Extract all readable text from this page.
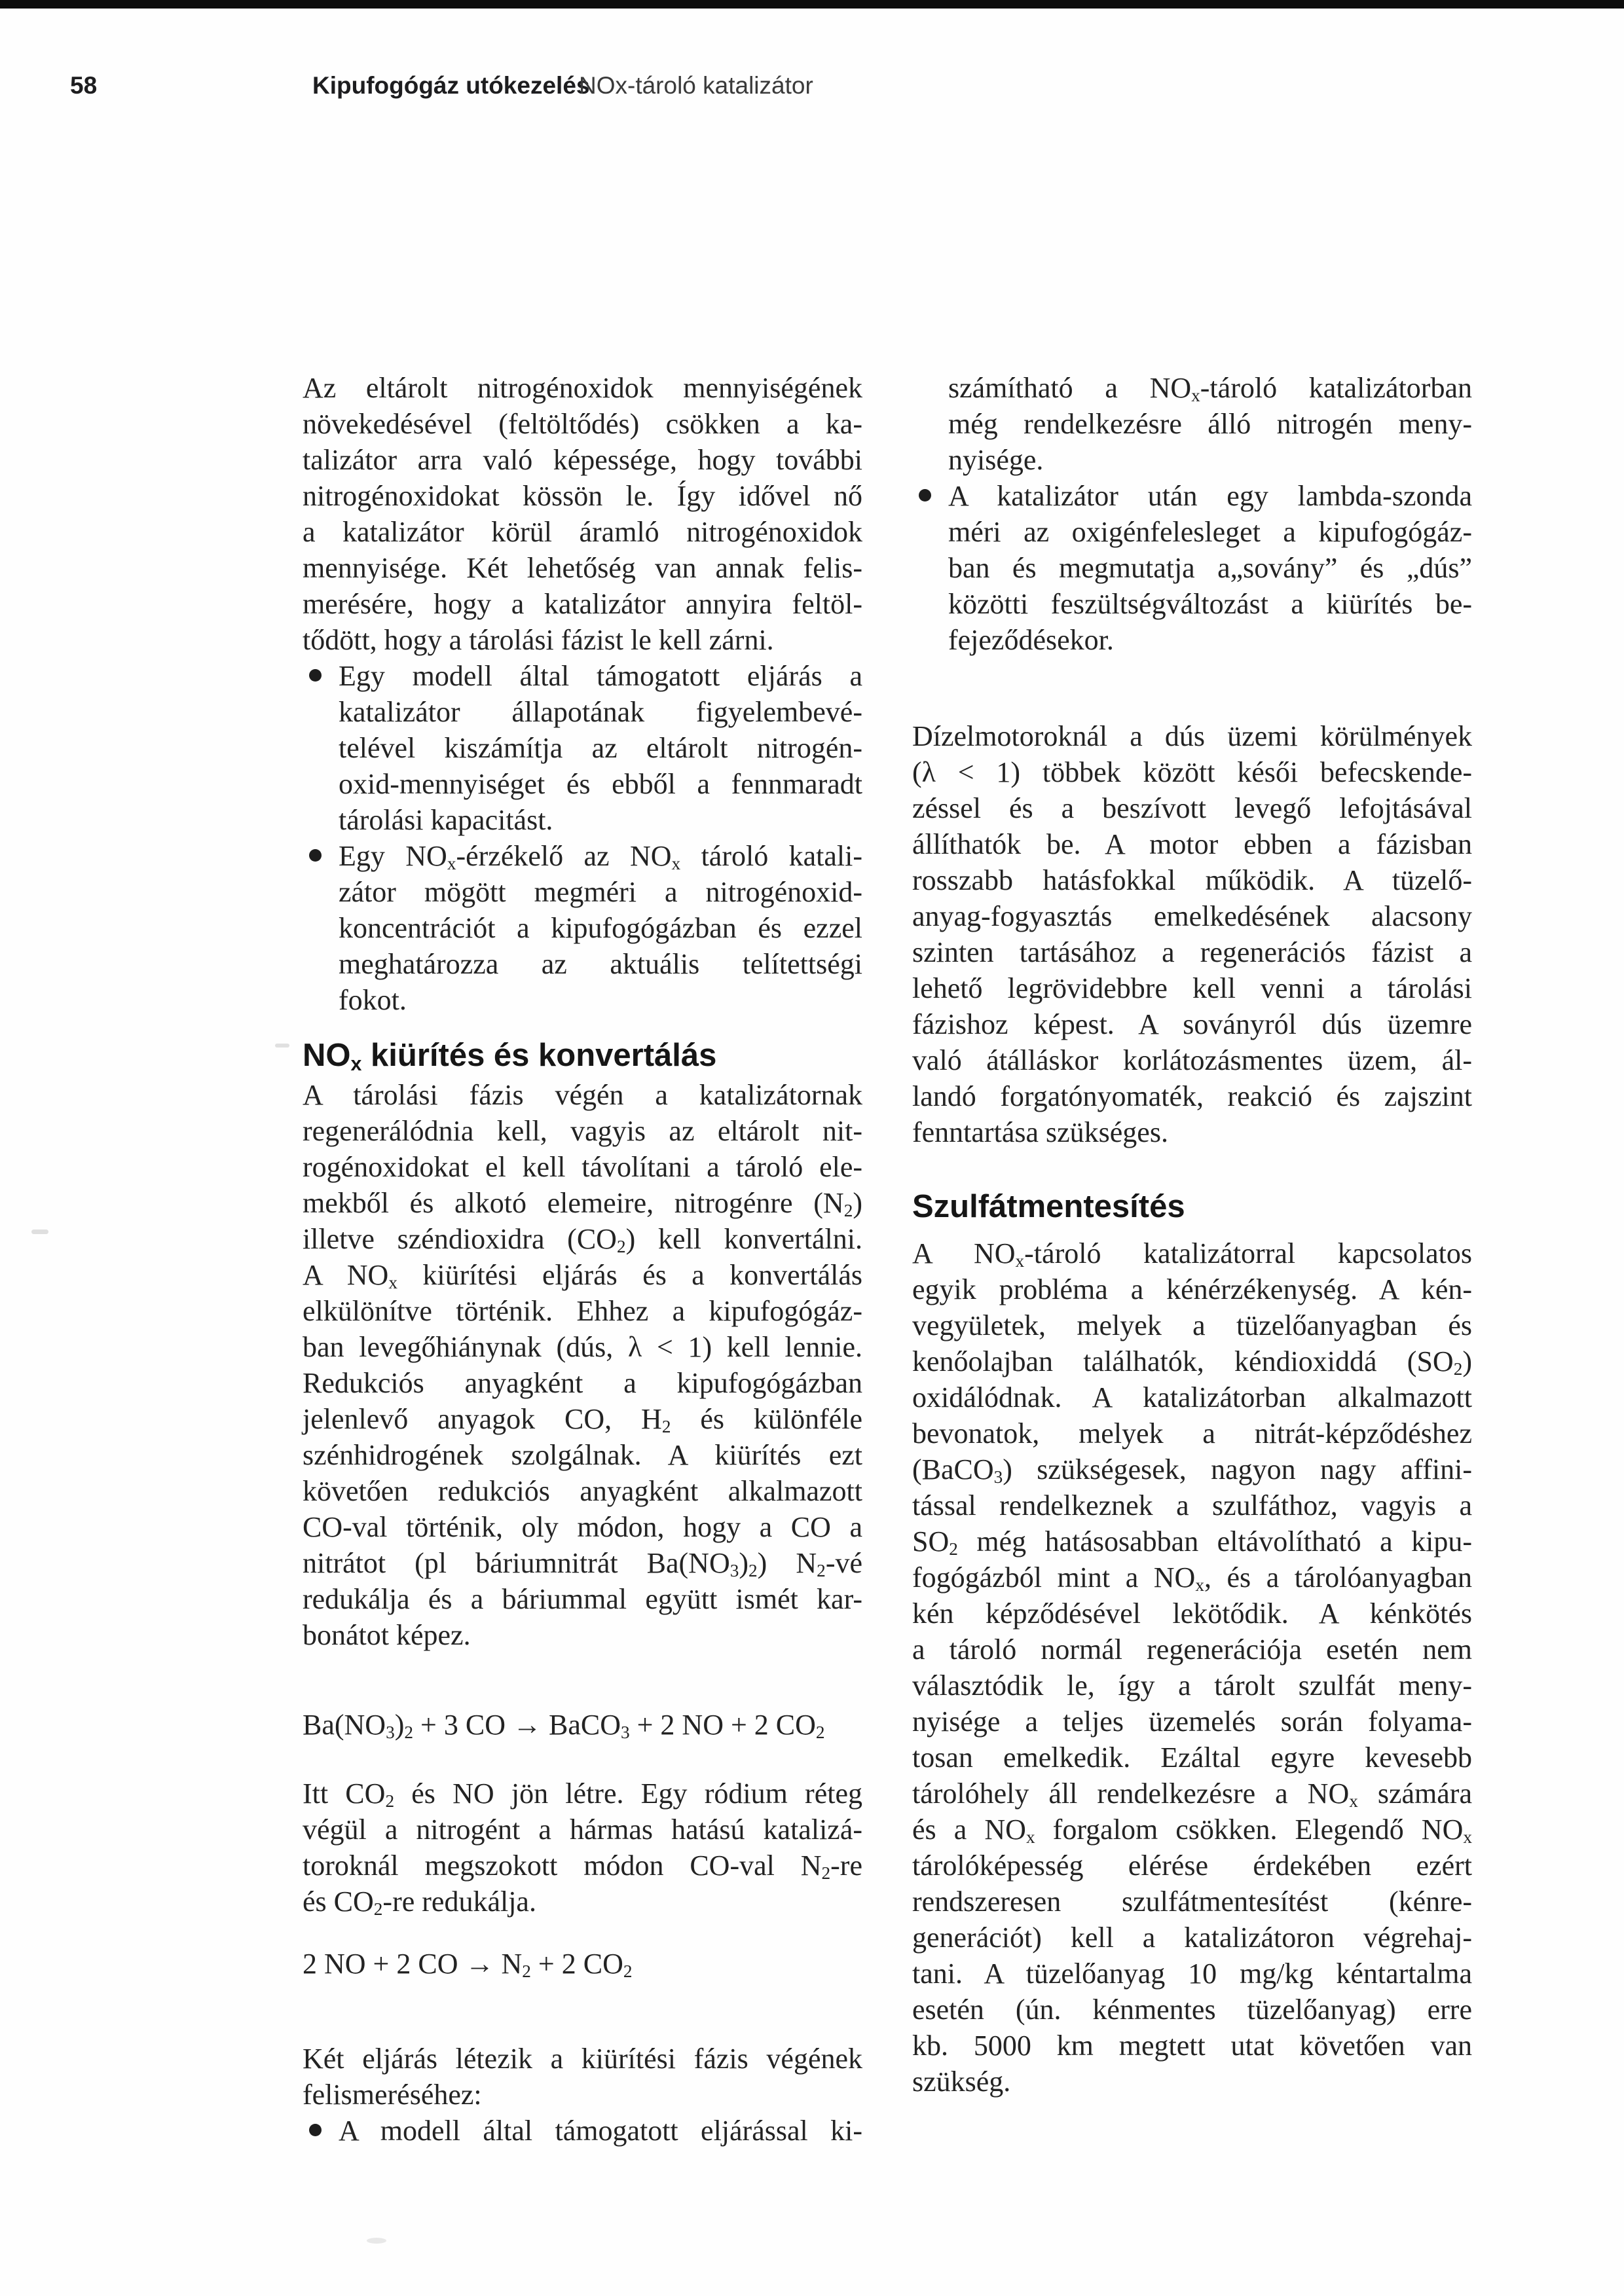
58	Kipufogógáz utókezelés
NOx-tároló katalizátor
Az eltárolt nitrogénoxidok mennyiségének
növekedésével (feltöltődés) csökken a ka-
talizátor arra való képessége, hogy további
nitrogénoxidokat kössön le. Így idővel nő
a katalizátor körül áramló nitrogénoxidok
mennyisége. Két lehetőség van annak felis-
merésére, hogy a katalizátor annyira feltöl-
tődött, hogy a tárolási fázist le kell zárni.
Egy modell által támogatott eljárás a
katalizátor állapotának figyelembevé-
telével kiszámítja az eltárolt nitrogén-
oxid-mennyiséget és ebből a fennmaradt
tárolási kapacitást.
Egy $NO_x$-érzékelő az $NO_x$ tároló katali-
zátor mögött megméri a nitrogénoxid-
koncentrációt a kipufogógázban és ezzel
meghatározza az aktuális telítettségi
fokot.
$NO_x$ kiürítés és konvertálás
A tárolási fázis végén a katalizátornak
regenerálódnia kell, vagyis az eltárolt nit-
rogénoxidokat el kell távolítani a tároló ele-
mekből és alkotó elemeire, nitrogénre $(N_2)$
illetve széndioxidra $(CO_2)$ kell konvertálni.
A $NO_x$ kiürítési eljárás és a konvertálás
elkülönítve történik. Ehhez a kipufogógáz-
ban levegőhiánynak (dús, λ < 1) kell lennie.
Redukciós anyagként a kipufogógázban
jelenlevő anyagok CO, $H_2$ és különféle
szénhidrogének szolgálnak. A kiürítés ezt
követően redukciós anyagként alkalmazott
CO-val történik, oly módon, hogy a CO a
nitrátot (pl báriumnitrát $Ba(NO_3)_2$) $N_2-vé$
redukálja és a báriummal együtt ismét kar-
bonátot képez.
$Ba(NO_3)_2 + 3$ CO → BaCO$_3$ + 2 NO + 2 $CO_2$
Itt $CO_2$ és NO jön létre. Egy ródium réteg
végül a nitrogént a hármas hatású katalizá-
toroknál megszokott módon CO-val $N_2-re$
és $CO_2-re$ redukálja.
2 NO + 2 CO → $N_2 + 2$ $CO_2$
Két eljárás létezik a kiürítési fázis végének
felismeréséhez:
A modell által támogatott eljárással ki-
számítható a $NO_x$-tároló katalizátorban
még rendelkezésre álló nitrogén meny-
nyisége.
A katalizátor után egy lambda-szonda
méri az oxigénfelesleget a kipufogógáz-
ban és megmutatja a„sovány” és „dús”
közötti feszültségváltozást a kiürítés be-
fejeződésekor.
Dízelmotoroknál a dús üzemi körülmények
(λ < 1) többek között késői befecskende-
zéssel és a beszívott levegő lefojtásával
állíthatók be. A motor ebben a fázisban
rosszabb hatásfokkal működik. A tüzelő-
anyag-fogyasztás emelkedésének alacsony
szinten tartásához a regenerációs fázist a
lehető legrövidebbre kell venni a tárolási
fázishoz képest. A soványról dús üzemre
való átálláskor korlátozásmentes üzem, ál-
landó forgatónyomaték, reakció és zajszint
fenntartása szükséges.
Szulfátmentesítés
A $NO_x$-tároló katalizátorral kapcsolatos
egyik probléma a kénérzékenység. A kén-
vegyületek, melyek a tüzelőanyagban és
kenőolajban találhatók, kéndioxiddá $(SO_2)$
oxidálódnak. A katalizátorban alkalmazott
bevonatok, melyek a nitrát-képződéshez
(BaCO$_3$) szükségesek, nagyon nagy affini-
tással rendelkeznek a szulfáthoz, vagyis a
$SO_2$ még hatásosabban eltávolítható a kipu-
fogógázból mint a $NO_x$, és a tárolóanyagban
kén képződésével lekötődik. A kénkötés
a tároló normál regenerációja esetén nem
választódik le, így a tárolt szulfát meny-
nyisége a teljes üzemelés során folyama-
tosan emelkedik. Ezáltal egyre kevesebb
tárolóhely áll rendelkezésre a $NO_x$ számára
és a $NO_x$ forgalom csökken. Elegendő $NO_x$
tárolóképesség elérése érdekében ezért
rendszeresen szulfátmentesítést (kénre-
generációt) kell a katalizátoron végrehaj-
tani. A tüzelőanyag 10 mg/kg kéntartalma
esetén (ún. kénmentes tüzelőanyag) erre
kb. 5000 km megtett utat követően van
szükség.
